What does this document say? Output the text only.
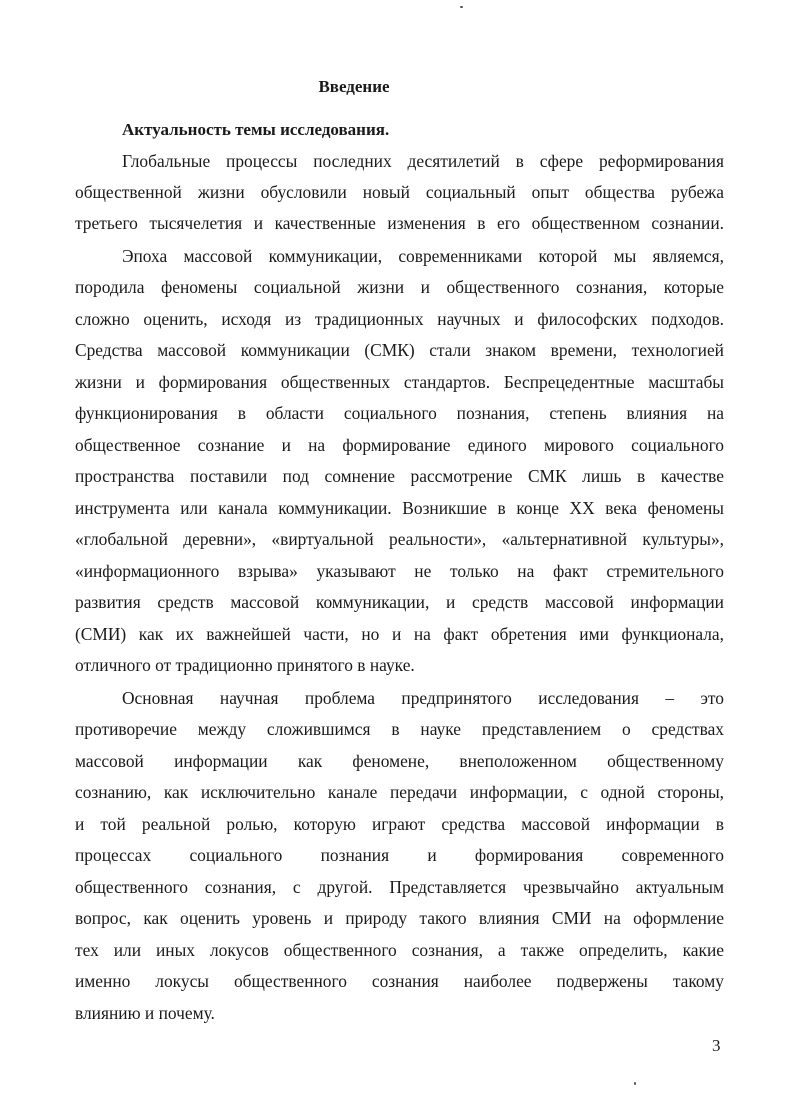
Введение
Актуальность темы исследования.
Глобальные процессы последних десятилетий в сфере реформирования
общественной жизни обусловили новый социальный опыт общества рубежа
третьего тысячелетия и качественные изменения в его общественном сознании.
Эпоха массовой коммуникации, современниками которой мы являемся,
породила феномены социальной жизни и общественного сознания, которые
сложно оценить, исходя из традиционных научных и философских подходов.
Средства массовой коммуникации (СМК) стали знаком времени, технологией
жизни и формирования общественных стандартов. Беспрецедентные масштабы
функционирования в области социального познания, степень влияния на
общественное сознание и на формирование единого мирового социального
пространства поставили под сомнение рассмотрение СМК лишь в качестве
инструмента или канала коммуникации. Возникшие в конце XX века феномены
«глобальной деревни», «виртуальной реальности», «альтернативной культуры»,
«информационного взрыва» указывают не только на факт стремительного
развития средств массовой коммуникации, и средств массовой информации
(СМИ) как их важнейшей части, но и на факт обретения ими функционала,
отличного от традиционно принятого в науке.
Основная научная проблема предпринятого исследования – это
противоречие между сложившимся в науке представлением о средствах
массовой информации как феномене, внеположенном общественному
сознанию, как исключительно канале передачи информации, с одной стороны,
и той реальной ролью, которую играют средства массовой информации в
процессах социального познания и формирования современного
общественного сознания, с другой. Представляется чрезвычайно актуальным
вопрос, как оценить уровень и природу такого влияния СМИ на оформление
тех или иных локусов общественного сознания, а также определить, какие
именно локусы общественного сознания наиболее подвержены такому
влиянию и почему.
3
